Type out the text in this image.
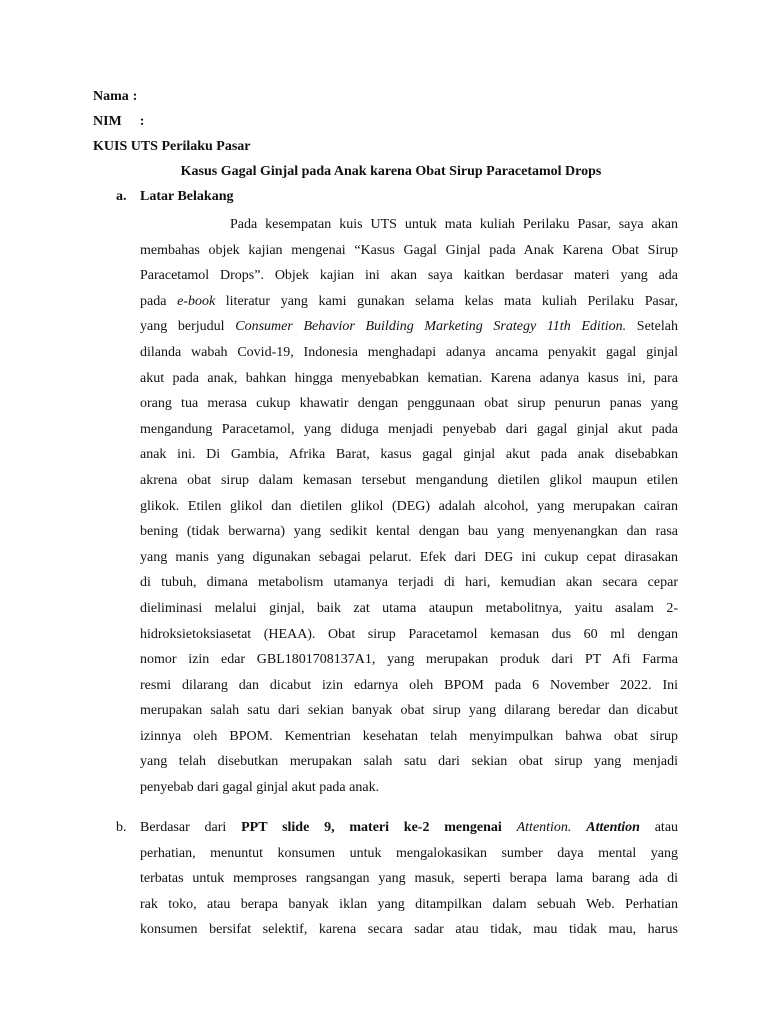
Nama :
NIM :
KUIS UTS Perilaku Pasar
Kasus Gagal Ginjal pada Anak karena Obat Sirup Paracetamol Drops
a. Latar Belakang
Pada kesempatan kuis UTS untuk mata kuliah Perilaku Pasar, saya akan
membahas objek kajian mengenai “Kasus Gagal Ginjal pada Anak Karena Obat Sirup
Paracetamol Drops”. Objek kajian ini akan saya kaitkan berdasar materi yang ada
pada e-book literatur yang kami gunakan selama kelas mata kuliah Perilaku Pasar,
yang berjudul Consumer Behavior Building Marketing Srategy 11th Edition. Setelah
dilanda wabah Covid-19, Indonesia menghadapi adanya ancama penyakit gagal ginjal
akut pada anak, bahkan hingga menyebabkan kematian. Karena adanya kasus ini, para
orang tua merasa cukup khawatir dengan penggunaan obat sirup penurun panas yang
mengandung Paracetamol, yang diduga menjadi penyebab dari gagal ginjal akut pada
anak ini. Di Gambia, Afrika Barat, kasus gagal ginjal akut pada anak disebabkan
akrena obat sirup dalam kemasan tersebut mengandung dietilen glikol maupun etilen
glikok. Etilen glikol dan dietilen glikol (DEG) adalah alcohol, yang merupakan cairan
bening (tidak berwarna) yang sedikit kental dengan bau yang menyenangkan dan rasa
yang manis yang digunakan sebagai pelarut. Efek dari DEG ini cukup cepat dirasakan
di tubuh, dimana metabolism utamanya terjadi di hari, kemudian akan secara cepar
dieliminasi melalui ginjal, baik zat utama ataupun metabolitnya, yaitu asalam 2-
hidroksietoksiasetat (HEAA). Obat sirup Paracetamol kemasan dus 60 ml dengan
nomor izin edar GBL1801708137A1, yang merupakan produk dari PT Afi Farma
resmi dilarang dan dicabut izin edarnya oleh BPOM pada 6 November 2022. Ini
merupakan salah satu dari sekian banyak obat sirup yang dilarang beredar dan dicabut
izinnya oleh BPOM. Kementrian kesehatan telah menyimpulkan bahwa obat sirup
yang telah disebutkan merupakan salah satu dari sekian obat sirup yang menjadi
penyebab dari gagal ginjal akut pada anak.
b. Berdasar dari PPT slide 9, materi ke-2 mengenai Attention. Attention atau
perhatian, menuntut konsumen untuk mengalokasikan sumber daya mental yang
terbatas untuk memproses rangsangan yang masuk, seperti berapa lama barang ada di
rak toko, atau berapa banyak iklan yang ditampilkan dalam sebuah Web. Perhatian
konsumen bersifat selektif, karena secara sadar atau tidak, mau tidak mau, harus
